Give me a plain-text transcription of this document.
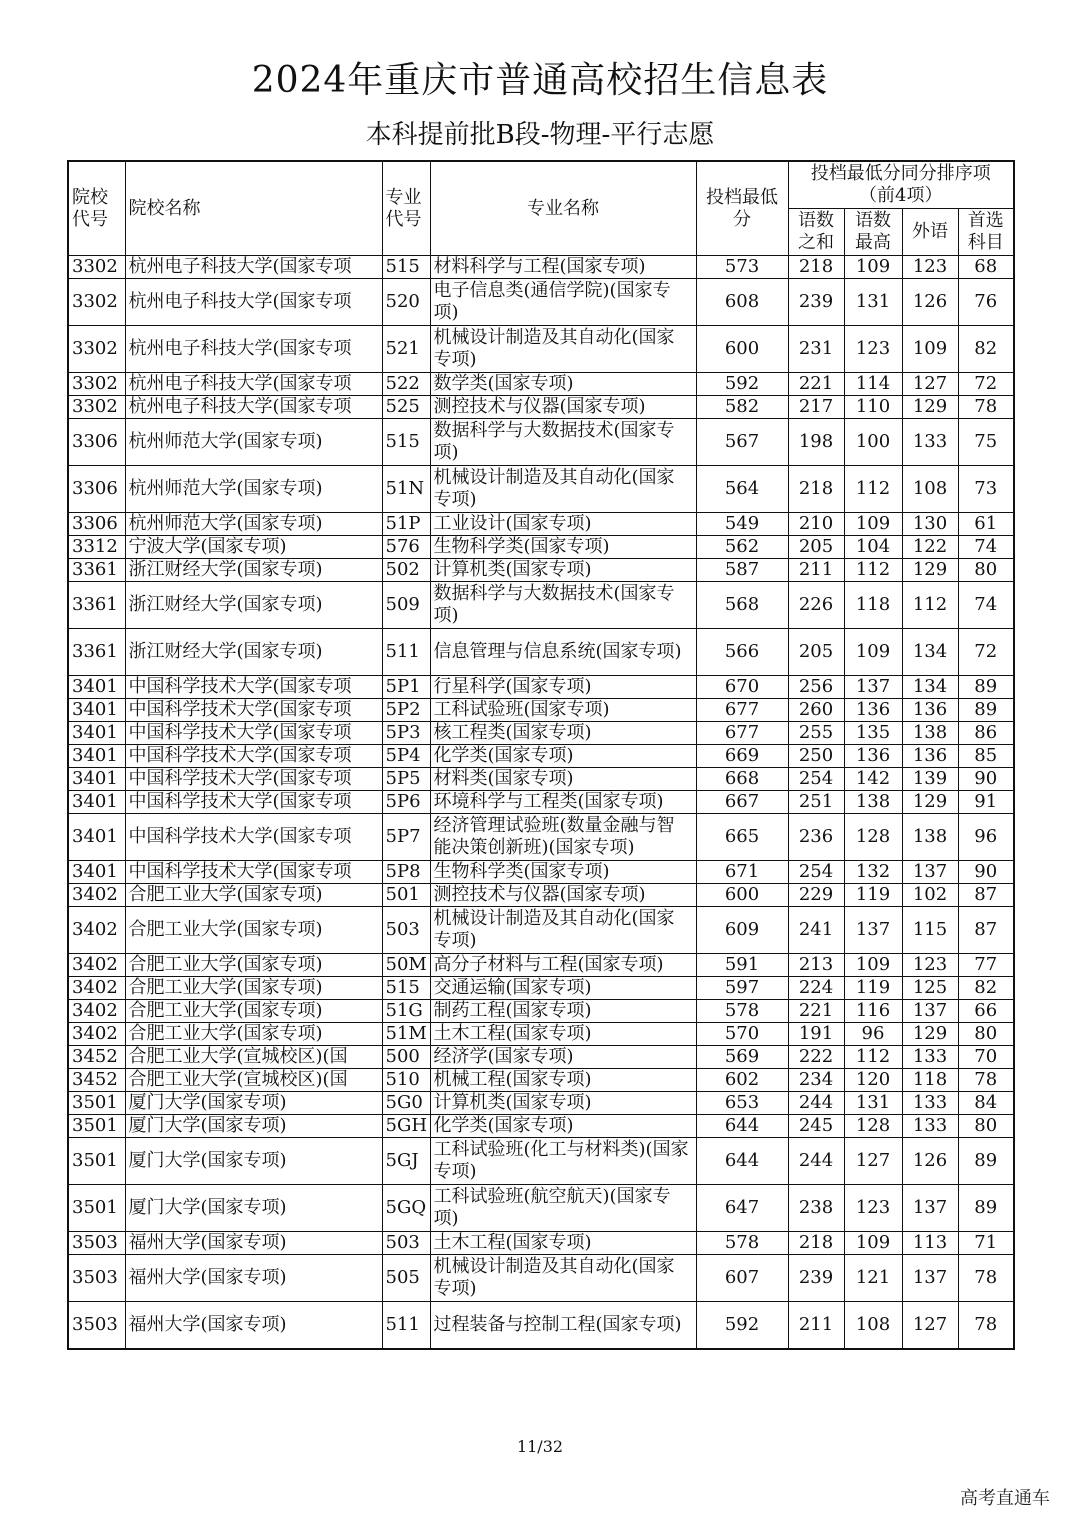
2024年重庆市普通高校招生信息表
本科提前批B段-物理-平行志愿
院校代号	院校名称	专业代号	专业名称	投档最低分	投档最低分同分排序项（前4项）			
					语数之和	语数最高	外语	首选科目
3302	杭州电子科技大学(国家专项	515	材料科学与工程(国家专项)	573	218	109	123	68
3302	杭州电子科技大学(国家专项	520	电子信息类(通信学院)(国家专项)	608	239	131	126	76
3302	杭州电子科技大学(国家专项	521	机械设计制造及其自动化(国家专项)	600	231	123	109	82
3302	杭州电子科技大学(国家专项	522	数学类(国家专项)	592	221	114	127	72
3302	杭州电子科技大学(国家专项	525	测控技术与仪器(国家专项)	582	217	110	129	78
3306	杭州师范大学(国家专项)	515	数据科学与大数据技术(国家专项)	567	198	100	133	75
3306	杭州师范大学(国家专项)	51N	机械设计制造及其自动化(国家专项)	564	218	112	108	73
3306	杭州师范大学(国家专项)	51P	工业设计(国家专项)	549	210	109	130	61
3312	宁波大学(国家专项)	576	生物科学类(国家专项)	562	205	104	122	74
3361	浙江财经大学(国家专项)	502	计算机类(国家专项)	587	211	112	129	80
3361	浙江财经大学(国家专项)	509	数据科学与大数据技术(国家专项)	568	226	118	112	74
3361	浙江财经大学(国家专项)	511	信息管理与信息系统(国家专项)	566	205	109	134	72
3401	中国科学技术大学(国家专项	5P1	行星科学(国家专项)	670	256	137	134	89
3401	中国科学技术大学(国家专项	5P2	工科试验班(国家专项)	677	260	136	136	89
3401	中国科学技术大学(国家专项	5P3	核工程类(国家专项)	677	255	135	138	86
3401	中国科学技术大学(国家专项	5P4	化学类(国家专项)	669	250	136	136	85
3401	中国科学技术大学(国家专项	5P5	材料类(国家专项)	668	254	142	139	90
3401	中国科学技术大学(国家专项	5P6	环境科学与工程类(国家专项)	667	251	138	129	91
3401	中国科学技术大学(国家专项	5P7	经济管理试验班(数量金融与智能决策创新班)(国家专项)	665	236	128	138	96
3401	中国科学技术大学(国家专项	5P8	生物科学类(国家专项)	671	254	132	137	90
3402	合肥工业大学(国家专项)	501	测控技术与仪器(国家专项)	600	229	119	102	87
3402	合肥工业大学(国家专项)	503	机械设计制造及其自动化(国家专项)	609	241	137	115	87
3402	合肥工业大学(国家专项)	50M	高分子材料与工程(国家专项)	591	213	109	123	77
3402	合肥工业大学(国家专项)	515	交通运输(国家专项)	597	224	119	125	82
3402	合肥工业大学(国家专项)	51G	制药工程(国家专项)	578	221	116	137	66
3402	合肥工业大学(国家专项)	51M	土木工程(国家专项)	570	191	96	129	80
3452	合肥工业大学(宣城校区)(国	500	经济学(国家专项)	569	222	112	133	70
3452	合肥工业大学(宣城校区)(国	510	机械工程(国家专项)	602	234	120	118	78
3501	厦门大学(国家专项)	5G0	计算机类(国家专项)	653	244	131	133	84
3501	厦门大学(国家专项)	5GH	化学类(国家专项)	644	245	128	133	80
3501	厦门大学(国家专项)	5GJ	工科试验班(化工与材料类)(国家专项)	644	244	127	126	89
3501	厦门大学(国家专项)	5GQ	工科试验班(航空航天)(国家专项)	647	238	123	137	89
3503	福州大学(国家专项)	503	土木工程(国家专项)	578	218	109	113	71
3503	福州大学(国家专项)	505	机械设计制造及其自动化(国家专项)	607	239	121	137	78
3503	福州大学(国家专项)	511	过程装备与控制工程(国家专项)	592	211	108	127	78
11/32
高考直通车
